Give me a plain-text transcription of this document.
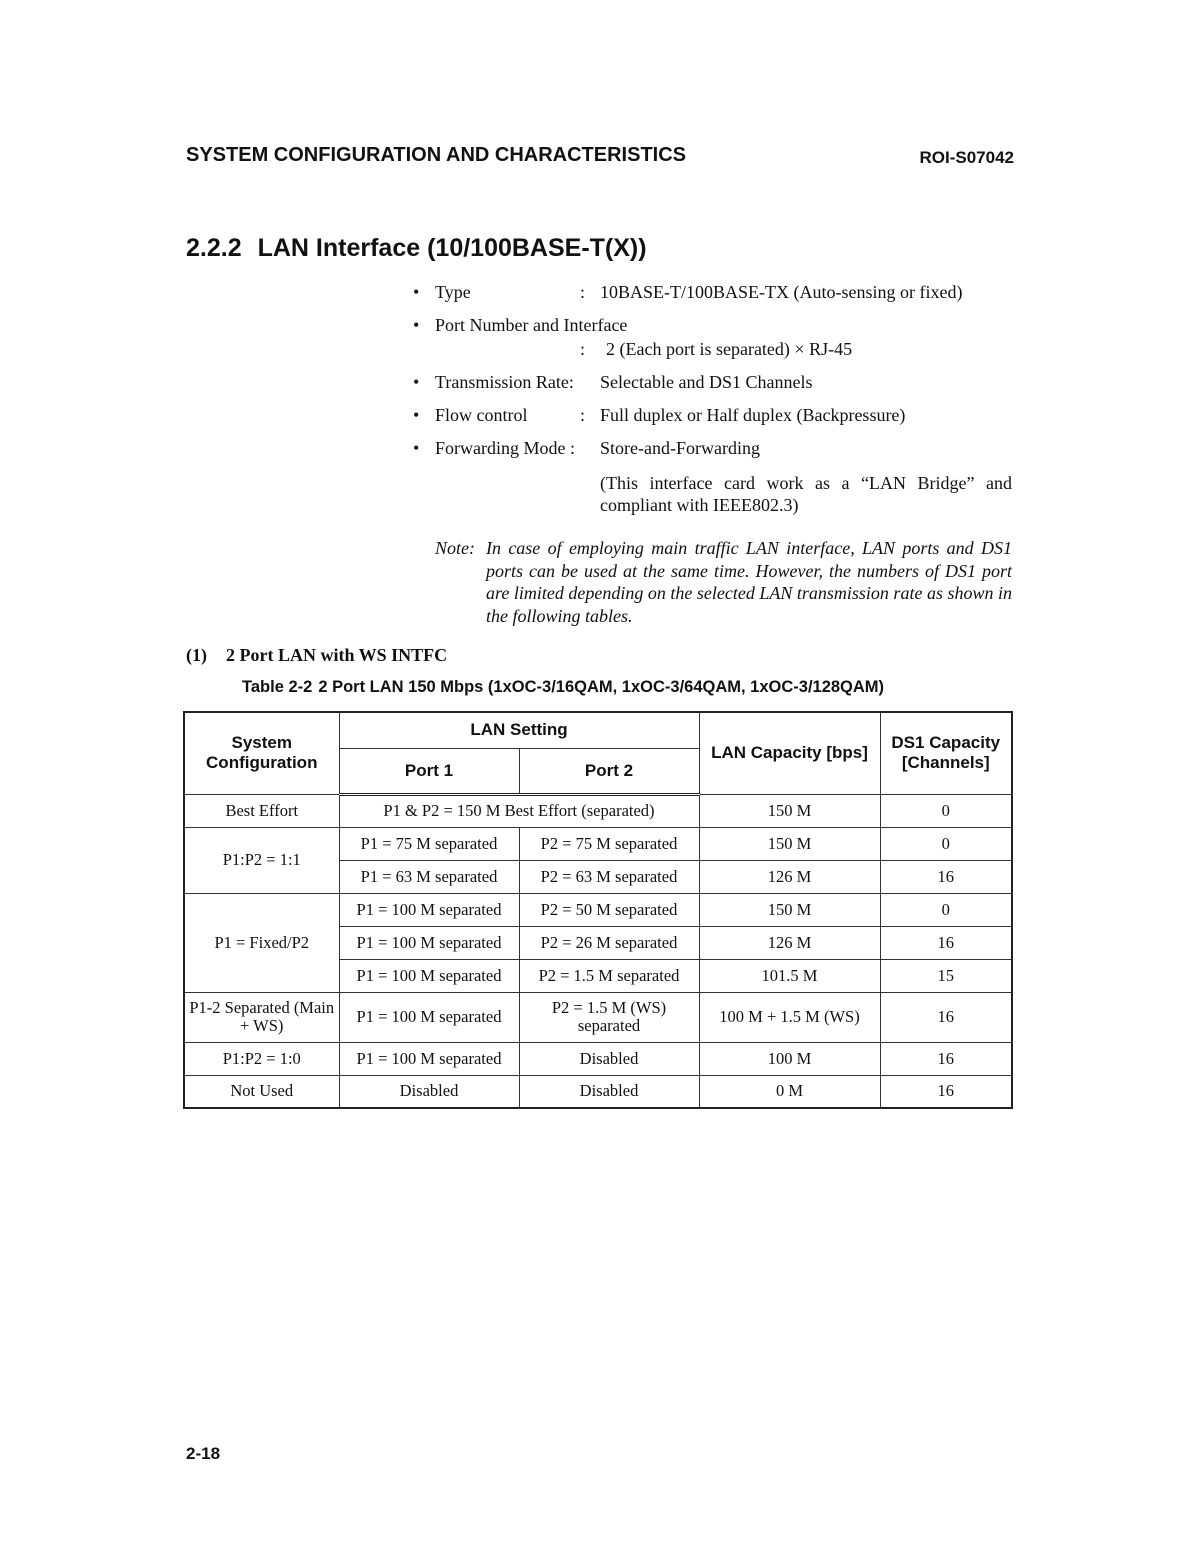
SYSTEM CONFIGURATION AND CHARACTERISTICS	ROI-S07042
2.2.2 LAN Interface (10/100BASE-T(X))
• Type	: 10BASE-T/100BASE-TX (Auto-sensing or fixed)
• Port Number and Interface
: 2 (Each port is separated) × RJ-45
• Transmission Rate: Selectable and DS1 Channels
• Flow control	: Full duplex or Half duplex (Backpressure)
• Forwarding Mode : Store-and-Forwarding

(This interface card work as a “LAN Bridge” and compliant with IEEE802.3)

Note: In case of employing main traffic LAN interface, LAN ports and DS1 ports can be used at the same time. However, the numbers of DS1 port are limited depending on the selected LAN transmission rate as shown in the following tables.

(1) 2 Port LAN with WS INTFC

Table 2-2 2 Port LAN 150 Mbps (1xOC-3/16QAM, 1xOC-3/64QAM, 1xOC-3/128QAM)

System Configuration	LAN Setting		LAN Capacity [bps]	DS1 Capacity [Channels]
	Port 1	Port 2		
Best Effort	P1 & P2 = 150 M Best Effort (separated)		150 M	0
P1:P2 = 1:1	P1 = 75 M separated	P2 = 75 M separated	150 M	0
	P1 = 63 M separated	P2 = 63 M separated	126 M	16
P1 = Fixed/P2	P1 = 100 M separated	P2 = 50 M separated	150 M	0
	P1 = 100 M separated	P2 = 26 M separated	126 M	16
	P1 = 100 M separated	P2 = 1.5 M separated	101.5 M	15
P1-2 Separated (Main + WS)	P1 = 100 M separated	P2 = 1.5 M (WS) separated	100 M + 1.5 M (WS)	16
P1:P2 = 1:0	P1 = 100 M separated	Disabled	100 M	16
Not Used	Disabled	Disabled	0 M	16
2-18
